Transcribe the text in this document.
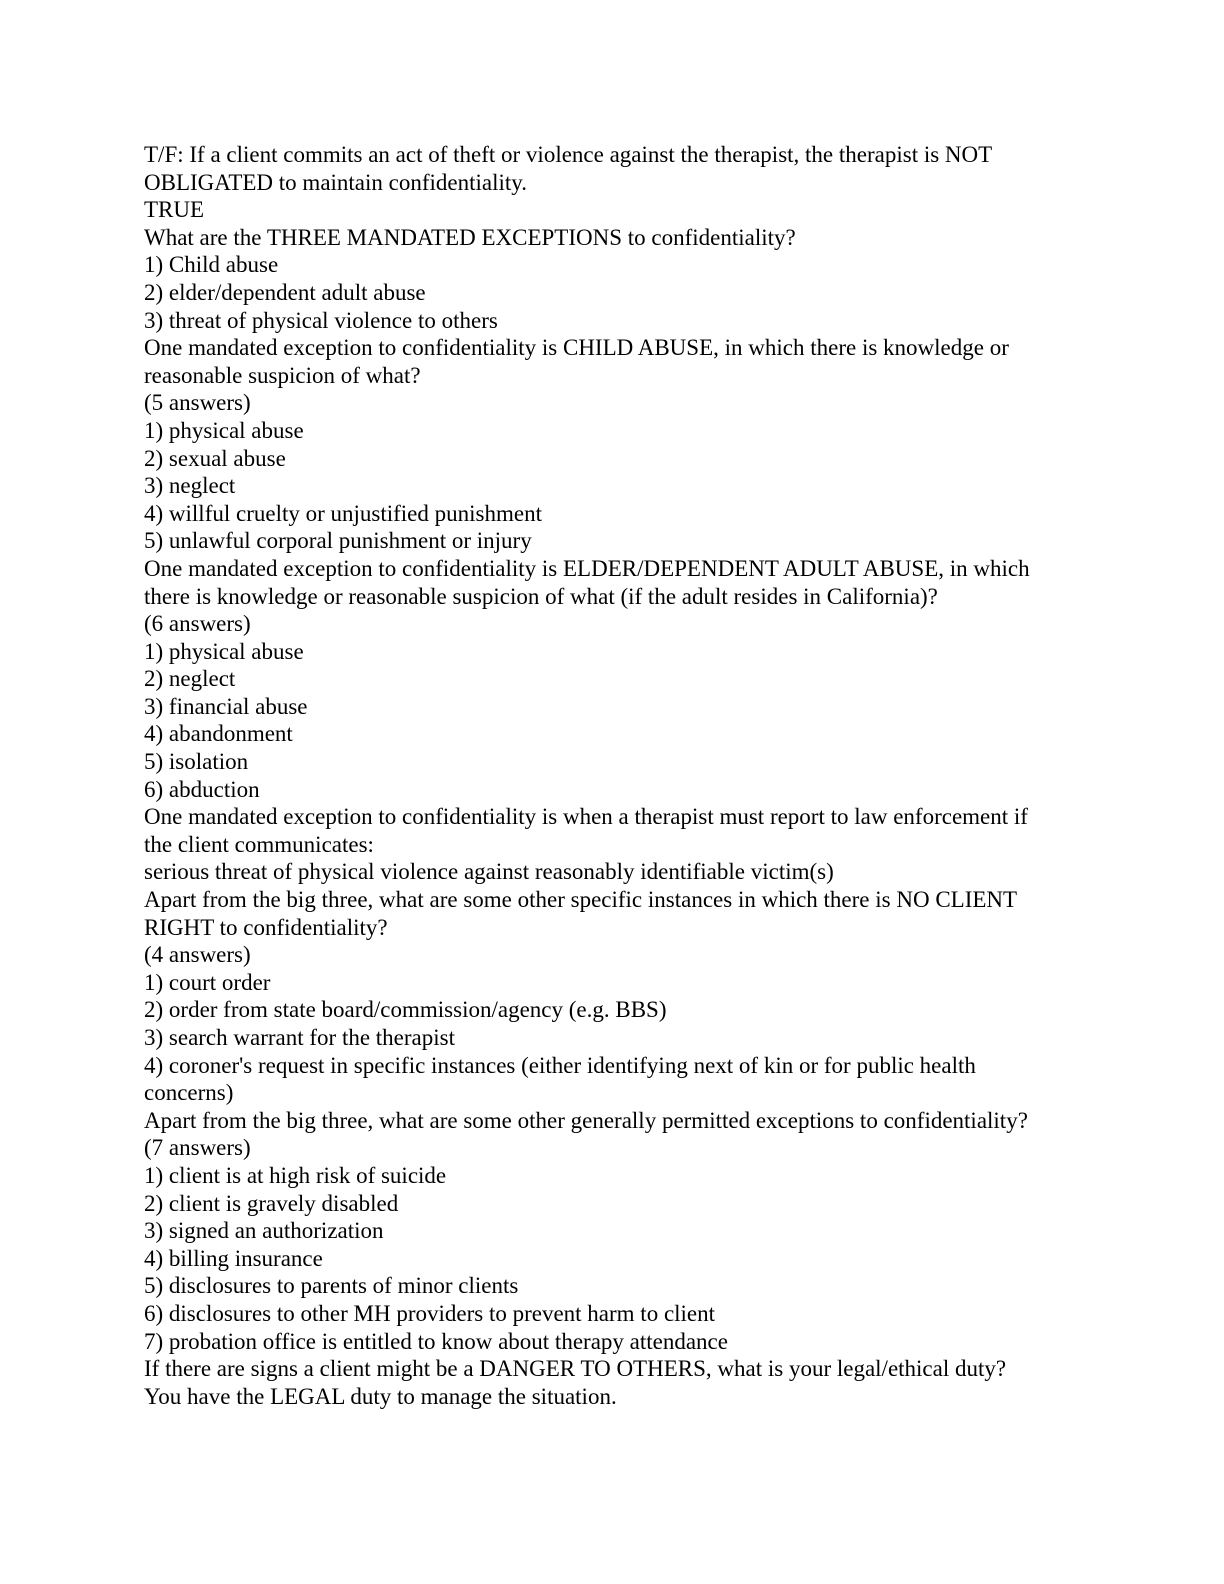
T/F: If a client commits an act of theft or violence against the therapist, the therapist is NOT
OBLIGATED to maintain confidentiality.
TRUE
What are the THREE MANDATED EXCEPTIONS to confidentiality?
1) Child abuse
2) elder/dependent adult abuse
3) threat of physical violence to others
One mandated exception to confidentiality is CHILD ABUSE, in which there is knowledge or
reasonable suspicion of what?
(5 answers)
1) physical abuse
2) sexual abuse
3) neglect
4) willful cruelty or unjustified punishment
5) unlawful corporal punishment or injury
One mandated exception to confidentiality is ELDER/DEPENDENT ADULT ABUSE, in which
there is knowledge or reasonable suspicion of what (if the adult resides in California)?
(6 answers)
1) physical abuse
2) neglect
3) financial abuse
4) abandonment
5) isolation
6) abduction
One mandated exception to confidentiality is when a therapist must report to law enforcement if
the client communicates:
serious threat of physical violence against reasonably identifiable victim(s)
Apart from the big three, what are some other specific instances in which there is NO CLIENT
RIGHT to confidentiality?
(4 answers)
1) court order
2) order from state board/commission/agency (e.g. BBS)
3) search warrant for the therapist
4) coroner's request in specific instances (either identifying next of kin or for public health
concerns)
Apart from the big three, what are some other generally permitted exceptions to confidentiality?
(7 answers)
1) client is at high risk of suicide
2) client is gravely disabled
3) signed an authorization
4) billing insurance
5) disclosures to parents of minor clients
6) disclosures to other MH providers to prevent harm to client
7) probation office is entitled to know about therapy attendance
If there are signs a client might be a DANGER TO OTHERS, what is your legal/ethical duty?
You have the LEGAL duty to manage the situation.
